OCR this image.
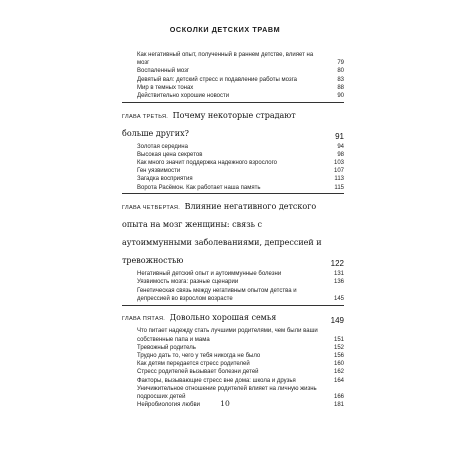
ОСКОЛКИ ДЕТСКИХ ТРАВМ
Как негативный опыт, полученный в раннем детстве, влияет на мозг	79
Воспаленный мозг	80
Девятый вал: детский стресс и подавление работы мозга	83
Мир в темных тонах	88
Действительно хорошие новости	90
ГЛАВА ТРЕТЬЯ. Почему некоторые страдают больше других?	91
Золотая середина	94
Высокая цена секретов	98
Как много значит поддержка надежного взрослого	103
Ген уязвимости	107
Загадка восприятия	113
Ворота Расёмон. Как работает наша память	115
ГЛАВА ЧЕТВЕРТАЯ. Влияние негативного детского опыта на мозг женщины: связь с аутоиммунными заболеваниями, депрессией и тревожностью	122
Негативный детский опыт и аутоиммунные болезни	131
Уязвимость мозга: разные сценарии	136
Генетическая связь между негативным опытом детства и депрессией во взрослом возрасте	145
ГЛАВА ПЯТАЯ. Довольно хорошая семья	149
Что питает надежду стать лучшими родителями, чем были ваши собственные папа и мама	151
Тревожный родитель	152
Трудно дать то, чего у тебя никогда не было	156
Как детям передается стресс родителей	160
Стресс родителей вызывает болезни детей	162
Факторы, вызывающие стресс вне дома: школа и друзья	164
Уничижительное отношение родителей влияет на личную жизнь подросших детей	166
Нейробиология любви	181
10
